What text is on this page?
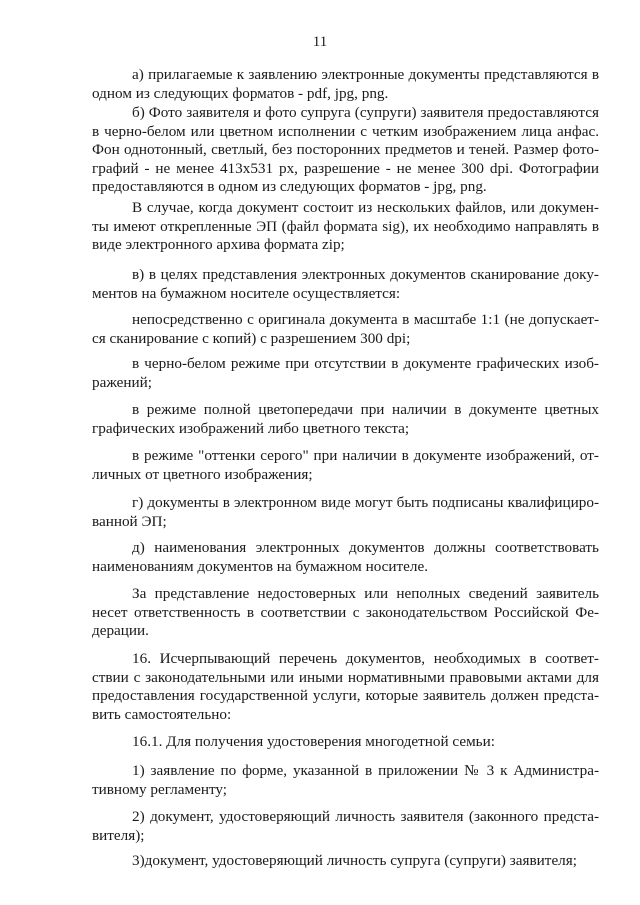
11
а) прилагаемые к заявлению электронные документы представляются в
одном из следующих форматов - pdf, jpg, png.
б) Фото заявителя и фото супруга (супруги) заявителя предоставляются
в черно-белом или цветном исполнении с четким изображением лица анфас.
Фон однотонный, светлый, без посторонних предметов и теней. Размер фото-
графий - не менее 413x531 px, разрешение - не менее 300 dpi. Фотографии
предоставляются в одном из следующих форматов - jpg, png.
В случае, когда документ состоит из нескольких файлов, или докумен-
ты имеют открепленные ЭП (файл формата sig), их необходимо направлять в
виде электронного архива формата zip;
в) в целях представления электронных документов сканирование доку-
ментов на бумажном носителе осуществляется:
непосредственно с оригинала документа в масштабе 1:1 (не допускает-
ся сканирование с копий) с разрешением 300 dpi;
в черно-белом режиме при отсутствии в документе графических изоб-
ражений;
в режиме полной цветопередачи при наличии в документе цветных
графических изображений либо цветного текста;
в режиме "оттенки серого" при наличии в документе изображений, от-
личных от цветного изображения;
г) документы в электронном виде могут быть подписаны квалифициро-
ванной ЭП;
д) наименования электронных документов должны соответствовать
наименованиям документов на бумажном носителе.
За представление недостоверных или неполных сведений заявитель
несет ответственность в соответствии с законодательством Российской Фе-
дерации.
16. Исчерпывающий перечень документов, необходимых в соответ-
ствии с законодательными или иными нормативными правовыми актами для
предоставления государственной услуги, которые заявитель должен предста-
вить самостоятельно:
16.1. Для получения удостоверения многодетной семьи:
1) заявление по форме, указанной в приложении № 3 к Администра-
тивному регламенту;
2) документ, удостоверяющий личность заявителя (законного предста-
вителя);
3)документ, удостоверяющий личность супруга (супруги) заявителя;
